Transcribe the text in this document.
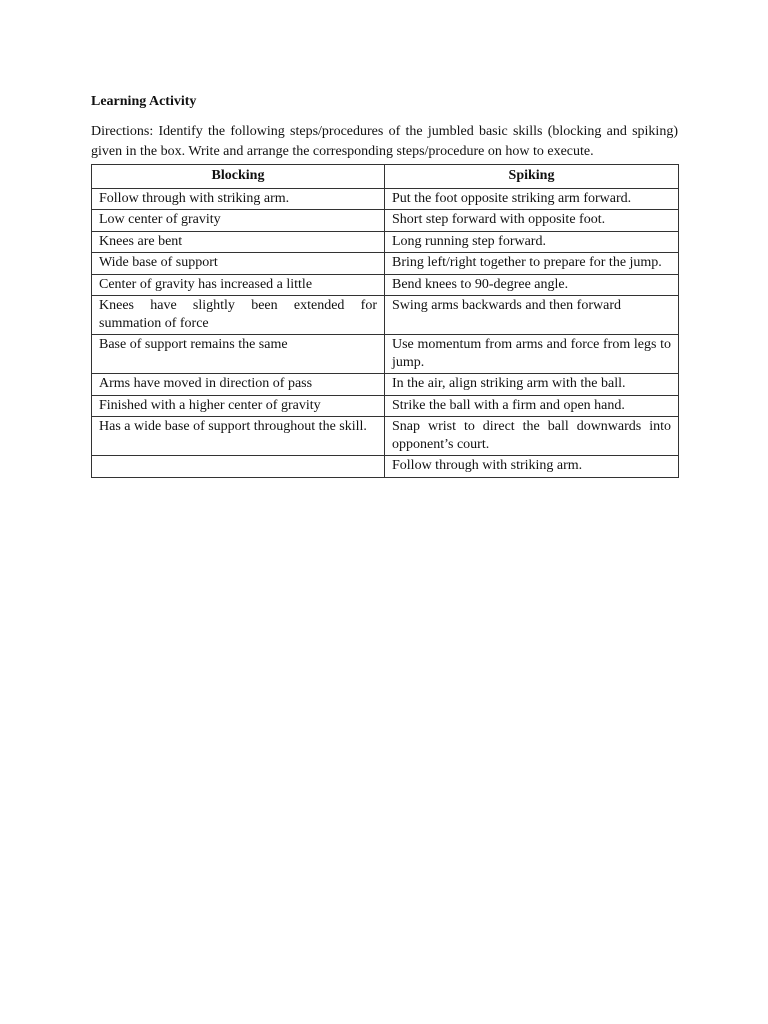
Learning Activity

Directions: Identify the following steps/procedures of the jumbled basic skills (blocking and spiking) given in the box. Write and arrange the corresponding steps/procedure on how to execute.

Blocking	Spiking
Follow through with striking arm.	Put the foot opposite striking arm forward.
Low center of gravity	Short step forward with opposite foot.
Knees are bent	Long running step forward.
Wide base of support	Bring left/right together to prepare for the jump.
Center of gravity has increased a little	Bend knees to 90-degree angle.
Knees have slightly been extended for summation of force	Swing arms backwards and then forward
Base of support remains the same	Use momentum from arms and force from legs to jump.
Arms have moved in direction of pass	In the air, align striking arm with the ball.
Finished with a higher center of gravity	Strike the ball with a firm and open hand.
Has a wide base of support throughout the skill.	Snap wrist to direct the ball downwards into opponent’s court.
	Follow through with striking arm.
